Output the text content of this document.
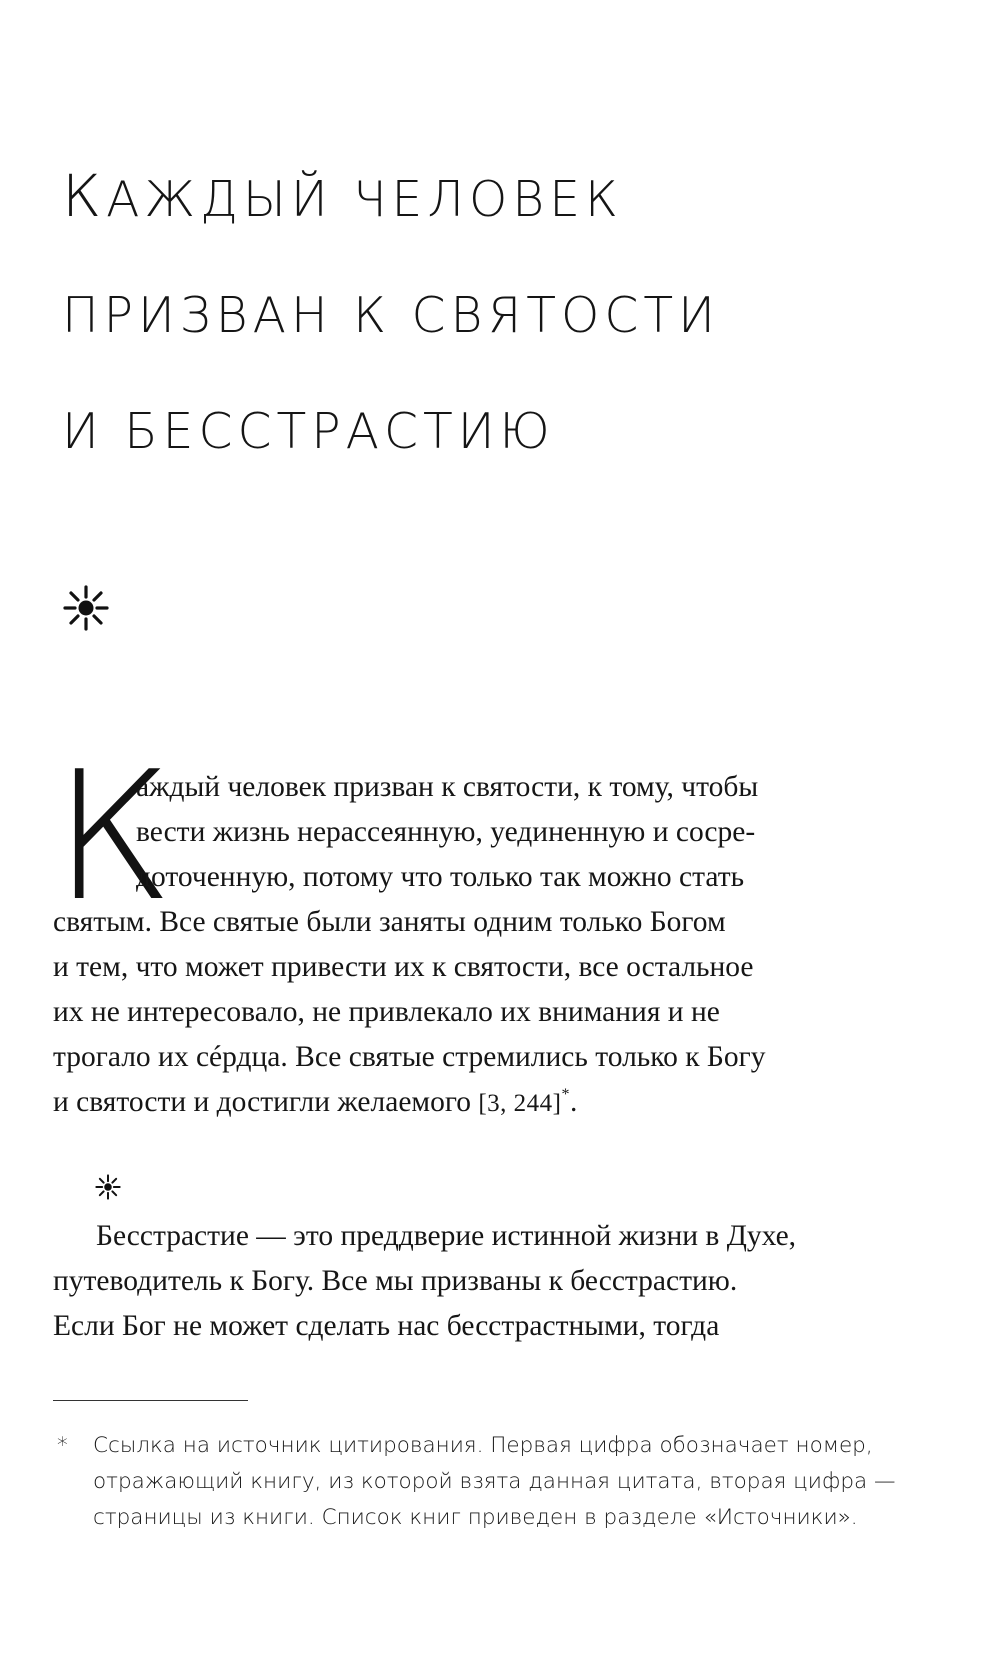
КАЖДЫЙ ЧЕЛОВЕК
ПРИЗВАН К СВЯТОСТИ
И БЕССТРАСТИЮ
К
аждый человек призван к святости, к тому, чтобы
вести жизнь нерассеянную, уединенную и сосре-
доточенную, потому что только так можно стать
святым. Все святые были заняты одним только Богом
и тем, что может привести их к святости, все остальное
их не интересовало, не привлекало их внимания и не
трогало их сéрдца. Все святые стремились только к Богу
и святости и достигли желаемого [3, 244]*.
Бесстрастие — это преддверие истинной жизни в Духе,
путеводитель к Богу. Все мы призваны к бесстрастию.
Если Бог не может сделать нас бесстрастными, тогда
* Ссылка на источник цитирования. Первая цифра обозначает номер,
отражающий книгу, из которой взята данная цитата, вторая цифра —
страницы из книги. Список книг приведен в разделе «Источники».
